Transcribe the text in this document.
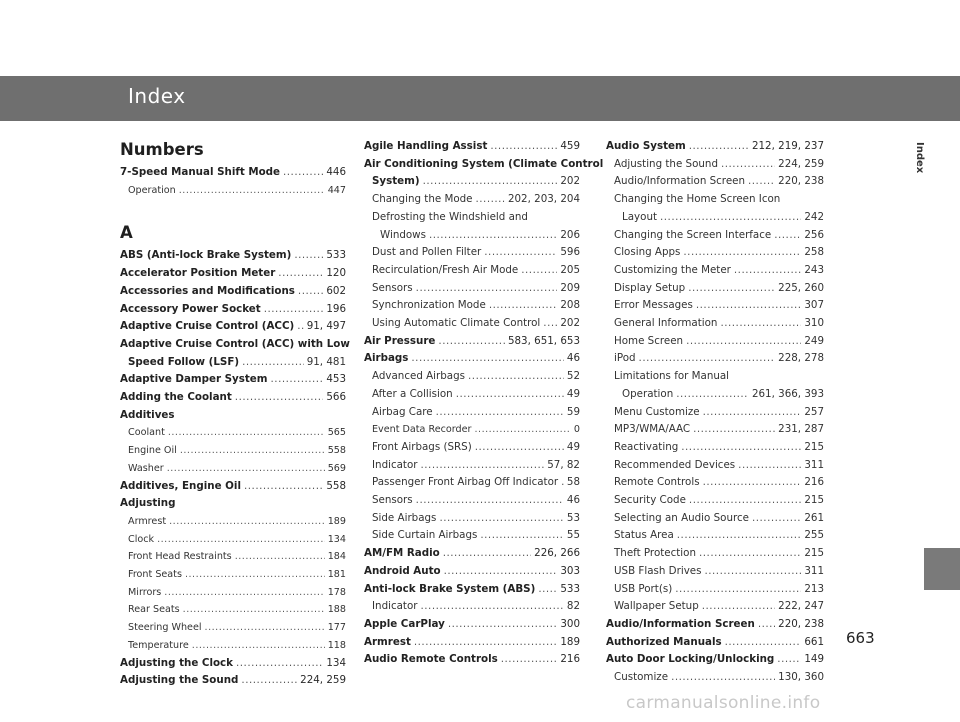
Index
Index
Numbers
7-Speed Manual Shift Mode .....	446
Operation .....	447
A
ABS (Anti-lock Brake System) .....	533
Accelerator Position Meter .....	120
Accessories and Modifications .....	602
Accessory Power Socket .....	196
Adaptive Cruise Control (ACC) ..... 91, 497
Adaptive Cruise Control (ACC) with Low
Speed Follow (LSF) .....	91, 481
Adaptive Damper System .....	453
Adding the Coolant .....	566
Additives
Coolant .....	565
Engine Oil .....	558
Washer .....	569
Additives, Engine Oil .....	558
Adjusting
Armrest .....	189
Clock .....	134
Front Head Restraints .....	184
Front Seats .....	181
Mirrors .....	178
Rear Seats .....	188
Steering Wheel .....	177
Temperature .....	118
Adjusting the Clock .....	134
Adjusting the Sound .....	224, 259
Agile Handling Assist .....	459
Air Conditioning System (Climate Control
System) .....	202
Changing the Mode .....	202, 203, 204
Defrosting the Windshield and
Windows .....	206
Dust and Pollen Filter .....	596
Recirculation/Fresh Air Mode .....	205
Sensors .....	209
Synchronization Mode .....	208
Using Automatic Climate Control ..... 202
Air Pressure .....	583, 651, 653
Airbags .....	46
Advanced Airbags .....	52
After a Collision .....	49
Airbag Care .....	59
Event Data Recorder .....	0
Front Airbags (SRS) .....	49
Indicator .....	57, 82
Passenger Front Airbag Off Indicator ..... 58
Sensors .....	46
Side Airbags .....	53
Side Curtain Airbags .....	55
AM/FM Radio .....	226, 266
Android Auto .....	303
Anti-lock Brake System (ABS) ..... 533
Indicator .....	82
Apple CarPlay .....	300
Armrest .....	189
Audio Remote Controls .....	216
Audio System .....	212, 219, 237
Adjusting the Sound .....	224, 259
Audio/Information Screen .....	220, 238
Changing the Home Screen Icon
Layout .....	242
Changing the Screen Interface .....	256
Closing Apps .....	258
Customizing the Meter .....	243
Display Setup .....	225, 260
Error Messages .....	307
General Information .....	310
Home Screen .....	249
iPod .....	228, 278
Limitations for Manual
Operation .....	261, 366, 393
Menu Customize .....	257
MP3/WMA/AAC .....	231, 287
Reactivating .....	215
Recommended Devices .....	311
Remote Controls .....	216
Security Code .....	215
Selecting an Audio Source .....	261
Status Area .....	255
Theft Protection .....	215
USB Flash Drives .....	311
USB Port(s) .....	213
Wallpaper Setup .....	222, 247
Audio/Information Screen ..... 220, 238
Authorized Manuals .....	661
Auto Door Locking/Unlocking .....	149
Customize .....	130, 360
663
carmanualsonline.info
